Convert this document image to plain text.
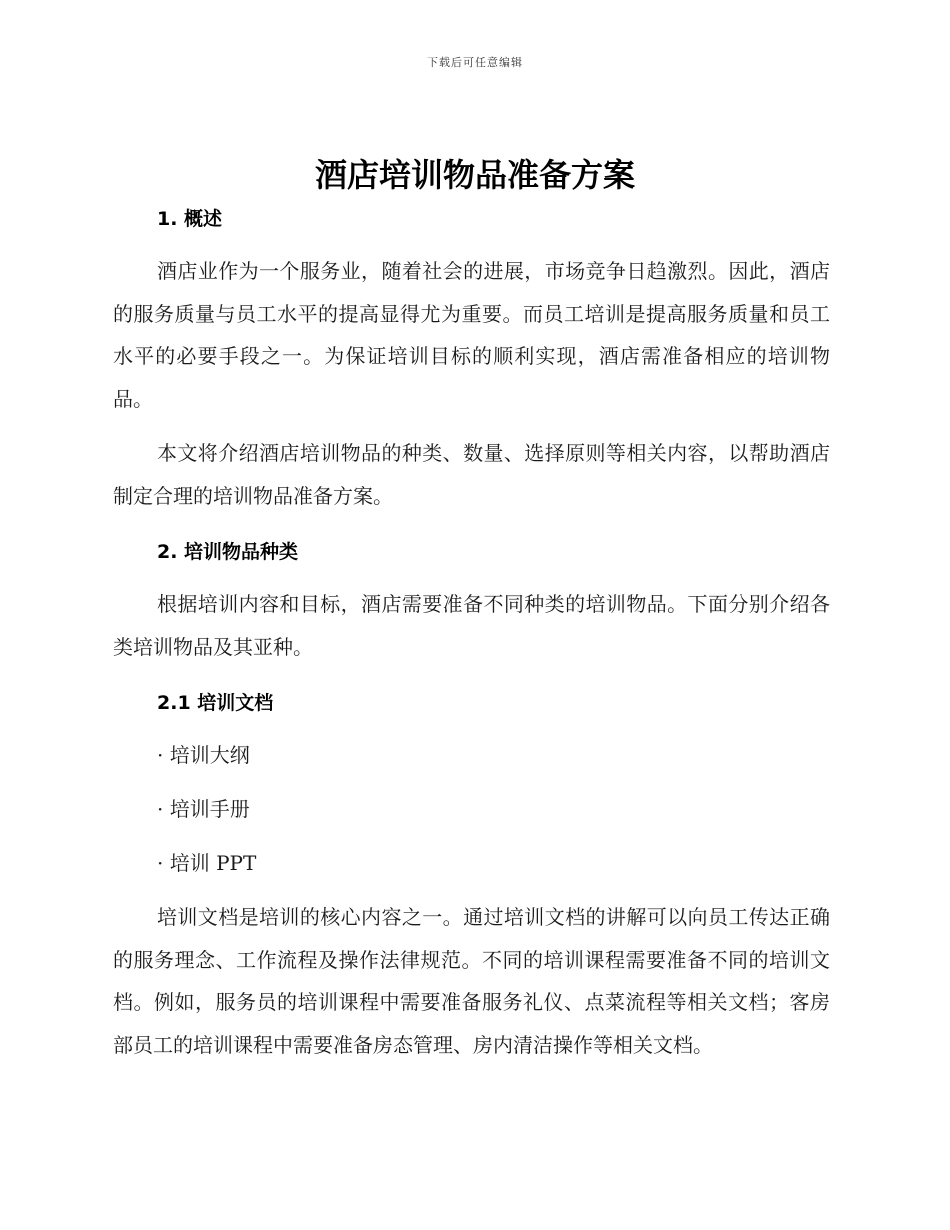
下载后可任意编辑
酒店培训物品准备方案
1. 概述

酒店业作为一个服务业，随着社会的进展，市场竞争日趋激烈。因此，酒店的服务质量与员工水平的提高显得尤为重要。而员工培训是提高服务质量和员工水平的必要手段之一。为保证培训目标的顺利实现，酒店需准备相应的培训物品。

本文将介绍酒店培训物品的种类、数量、选择原则等相关内容，以帮助酒店制定合理的培训物品准备方案。

2. 培训物品种类

根据培训内容和目标，酒店需要准备不同种类的培训物品。下面分别介绍各类培训物品及其亚种。

2.1 培训文档

· 培训大纲

· 培训手册

· 培训 PPT

培训文档是培训的核心内容之一。通过培训文档的讲解可以向员工传达正确的服务理念、工作流程及操作法律规范。不同的培训课程需要准备不同的培训文档。例如，服务员的培训课程中需要准备服务礼仪、点菜流程等相关文档；客房部员工的培训课程中需要准备房态管理、房内清洁操作等相关文档。
